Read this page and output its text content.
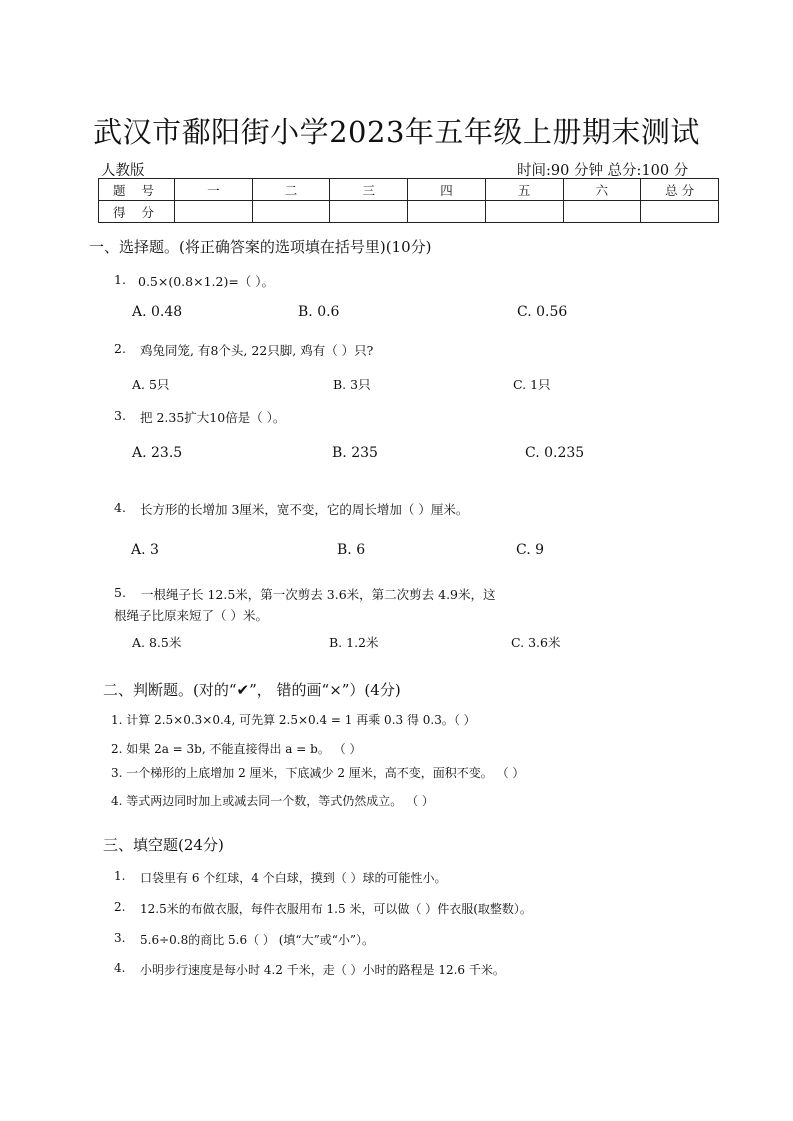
武汉市鄱阳街小学2023年五年级上册期末测试
人教版	时间:90 分钟 总分:100 分
题 号	一	二	三	四	五	六	总 分
得 分							
一、选择题。(将正确答案的选项填在括号里)(10分)
1. 0.5×(0.8×1.2)=（ ）。
A. 0.48	B. 0.6	C. 0.56
2. 鸡兔同笼, 有8个头, 22只脚, 鸡有（ ）只?
A. 5只	B. 3只	C. 1只
3. 把 2.35扩大10倍是（ ）。
A. 23.5	B. 235	C. 0.235
4. 长方形的长增加 3厘米，宽不变，它的周长增加（ ）厘米。
A. 3	B. 6	C. 9
5. 一根绳子长 12.5米，第一次剪去 3.6米，第二次剪去 4.9米，这
根绳子比原来短了（ ）米。
A. 8.5米	B. 1.2米	C. 3.6米
二、判断题。(对的“✔”， 错的画“×”）(4分)
1. 计算 2.5×0.3×0.4, 可先算 2.5×0.4 = 1 再乘 0.3 得 0.3。（ ）
2. 如果 2a = 3b, 不能直接得出 a = b。 （ ）
3. 一个梯形的上底增加 2 厘米，下底减少 2 厘米，高不变，面积不变。 （ ）
4. 等式两边同时加上或减去同一个数，等式仍然成立。 （ ）
三、填空题(24分)
1. 口袋里有 6 个红球，4 个白球，摸到（ ）球的可能性小。
2. 12.5米的布做衣服，每件衣服用布 1.5 米，可以做（ ）件衣服(取整数）。
3. 5.6÷0.8的商比 5.6（ ） (填“大”或“小”）。
4. 小明步行速度是每小时 4.2 千米，走（ ）小时的路程是 12.6 千米。
